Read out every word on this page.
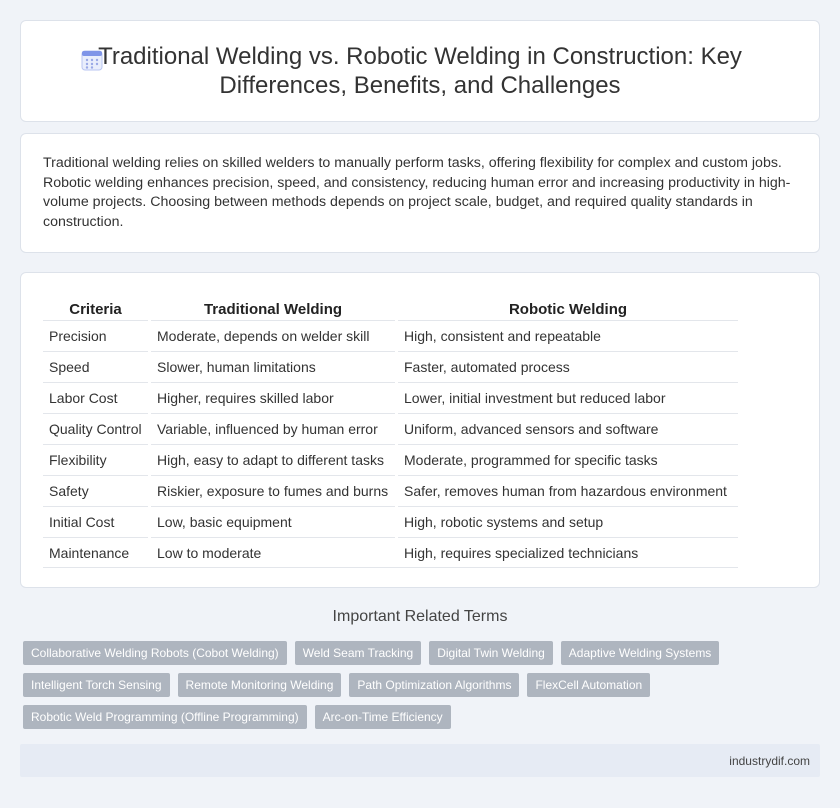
Traditional Welding vs. Robotic Welding in Construction: Key Differences, Benefits, and Challenges

Traditional welding relies on skilled welders to manually perform tasks, offering flexibility for complex and custom jobs. Robotic welding enhances precision, speed, and consistency, reducing human error and increasing productivity in high-volume projects. Choosing between methods depends on project scale, budget, and required quality standards in construction.

Criteria		Traditional Welding		Robotic Welding
Precision		Moderate, depends on welder skill		High, consistent and repeatable
Speed		Slower, human limitations		Faster, automated process
Labor Cost		Higher, requires skilled labor		Lower, initial investment but reduced labor
Quality Control		Variable, influenced by human error		Uniform, advanced sensors and software
Flexibility		High, easy to adapt to different tasks		Moderate, programmed for specific tasks
Safety		Riskier, exposure to fumes and burns		Safer, removes human from hazardous environment
Initial Cost		Low, basic equipment		High, robotic systems and setup
Maintenance		Low to moderate		High, requires specialized technicians
Important Related Terms
Collaborative Welding Robots (Cobot Welding)	Weld Seam Tracking	Digital Twin Welding	Adaptive Welding Systems
Intelligent Torch Sensing	Remote Monitoring Welding	Path Optimization Algorithms	FlexCell Automation
Robotic Weld Programming (Offline Programming)	Arc-on-Time Efficiency
industrydif.com
